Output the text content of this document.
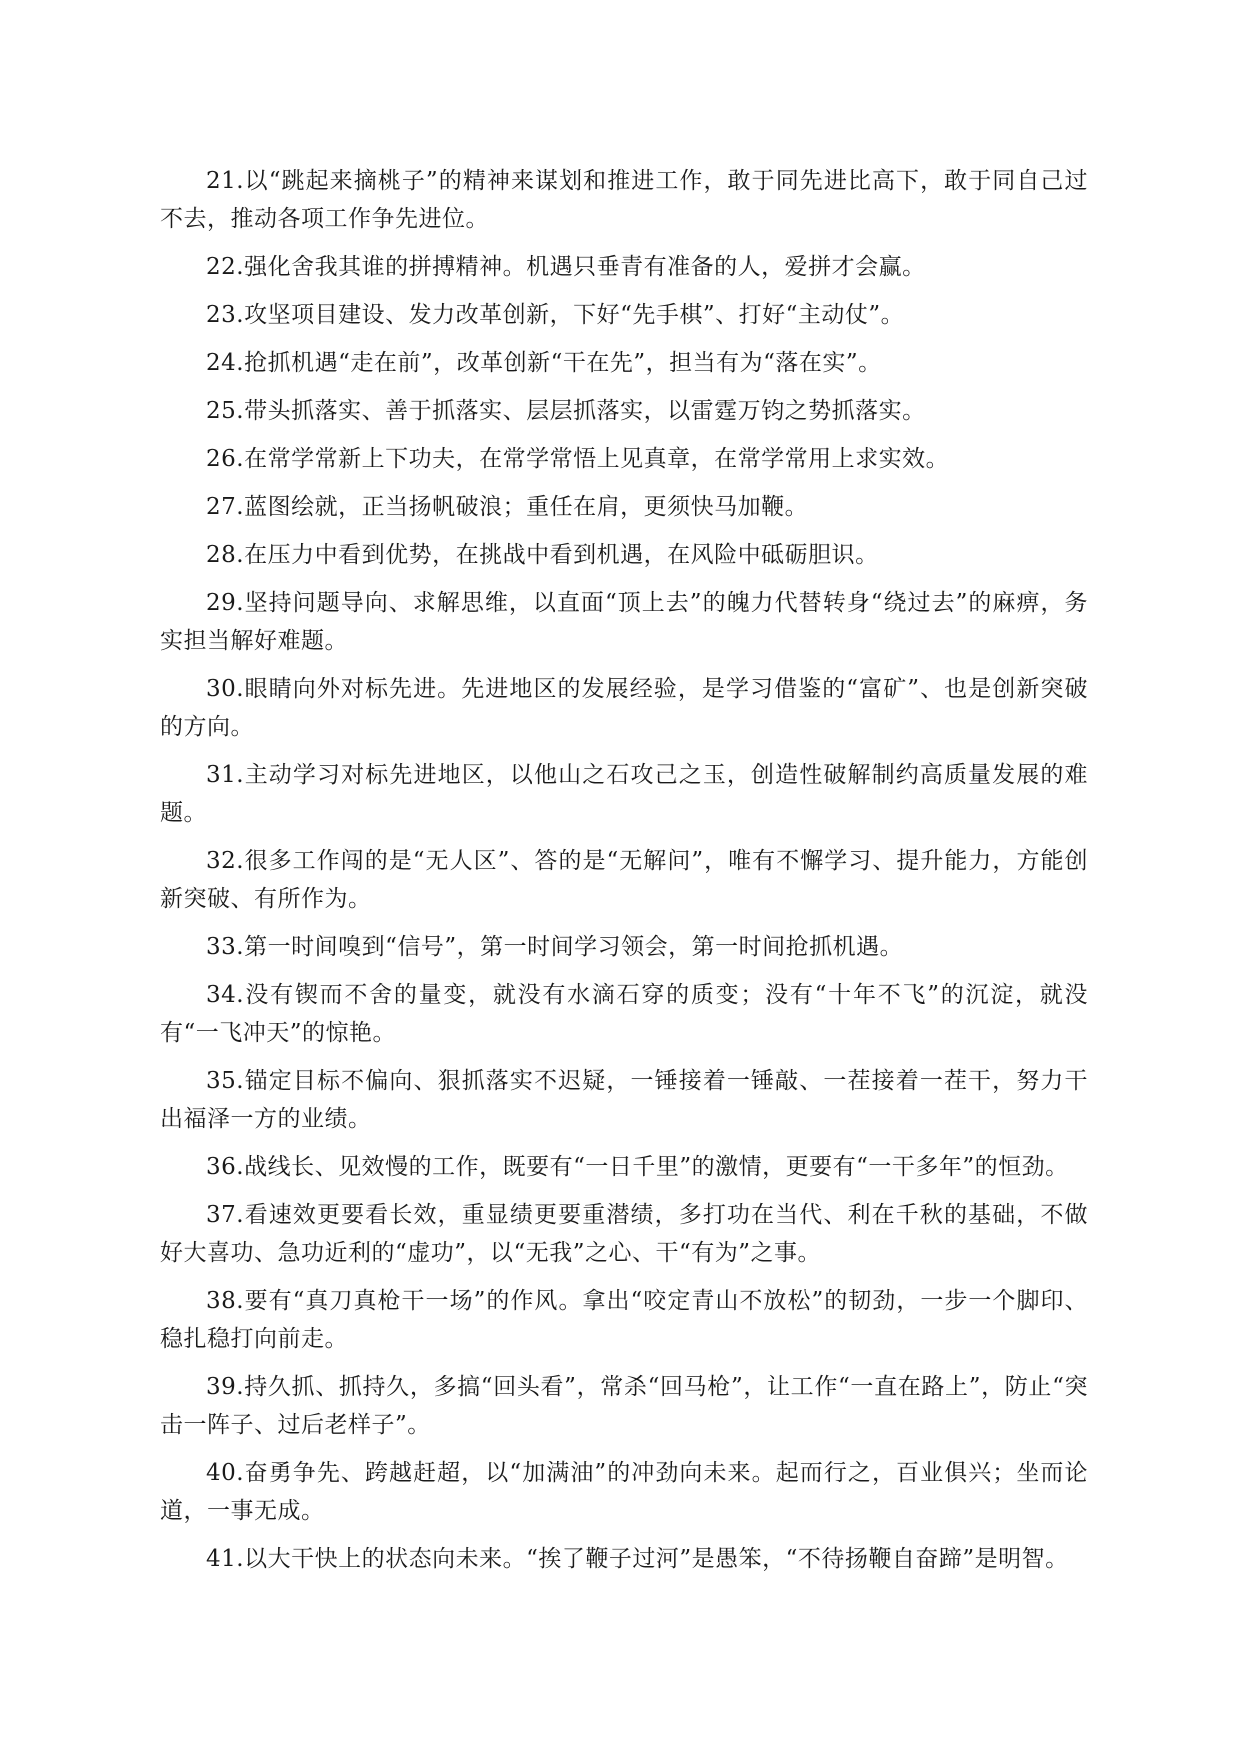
21.以“跳起来摘桃子”的精神来谋划和推进工作，敢于同先进比高下，敢于同自己过不去，推动各项工作争先进位。

22.强化舍我其谁的拼搏精神。机遇只垂青有准备的人，爱拼才会赢。

23.攻坚项目建设、发力改革创新，下好“先手棋”、打好“主动仗”。

24.抢抓机遇“走在前”，改革创新“干在先”，担当有为“落在实”。

25.带头抓落实、善于抓落实、层层抓落实，以雷霆万钧之势抓落实。

26.在常学常新上下功夫，在常学常悟上见真章，在常学常用上求实效。

27.蓝图绘就，正当扬帆破浪；重任在肩，更须快马加鞭。

28.在压力中看到优势，在挑战中看到机遇，在风险中砥砺胆识。

29.坚持问题导向、求解思维，以直面“顶上去”的魄力代替转身“绕过去”的麻痹，务实担当解好难题。

30.眼睛向外对标先进。先进地区的发展经验，是学习借鉴的“富矿”、也是创新突破的方向。

31.主动学习对标先进地区，以他山之石攻己之玉，创造性破解制约高质量发展的难题。

32.很多工作闯的是“无人区”、答的是“无解问”，唯有不懈学习、提升能力，方能创新突破、有所作为。

33.第一时间嗅到“信号”，第一时间学习领会，第一时间抢抓机遇。

34.没有锲而不舍的量变，就没有水滴石穿的质变；没有“十年不飞”的沉淀，就没有“一飞冲天”的惊艳。

35.锚定目标不偏向、狠抓落实不迟疑，一锤接着一锤敲、一茬接着一茬干，努力干出福泽一方的业绩。

36.战线长、见效慢的工作，既要有“一日千里”的激情，更要有“一干多年”的恒劲。

37.看速效更要看长效，重显绩更要重潜绩，多打功在当代、利在千秋的基础，不做好大喜功、急功近利的“虚功”，以“无我”之心、干“有为”之事。

38.要有“真刀真枪干一场”的作风。拿出“咬定青山不放松”的韧劲，一步一个脚印、稳扎稳打向前走。

39.持久抓、抓持久，多搞“回头看”，常杀“回马枪”，让工作“一直在路上”，防止“突击一阵子、过后老样子”。

40.奋勇争先、跨越赶超，以“加满油”的冲劲向未来。起而行之，百业俱兴；坐而论道，一事无成。

41.以大干快上的状态向未来。“挨了鞭子过河”是愚笨，“不待扬鞭自奋蹄”是明智。
